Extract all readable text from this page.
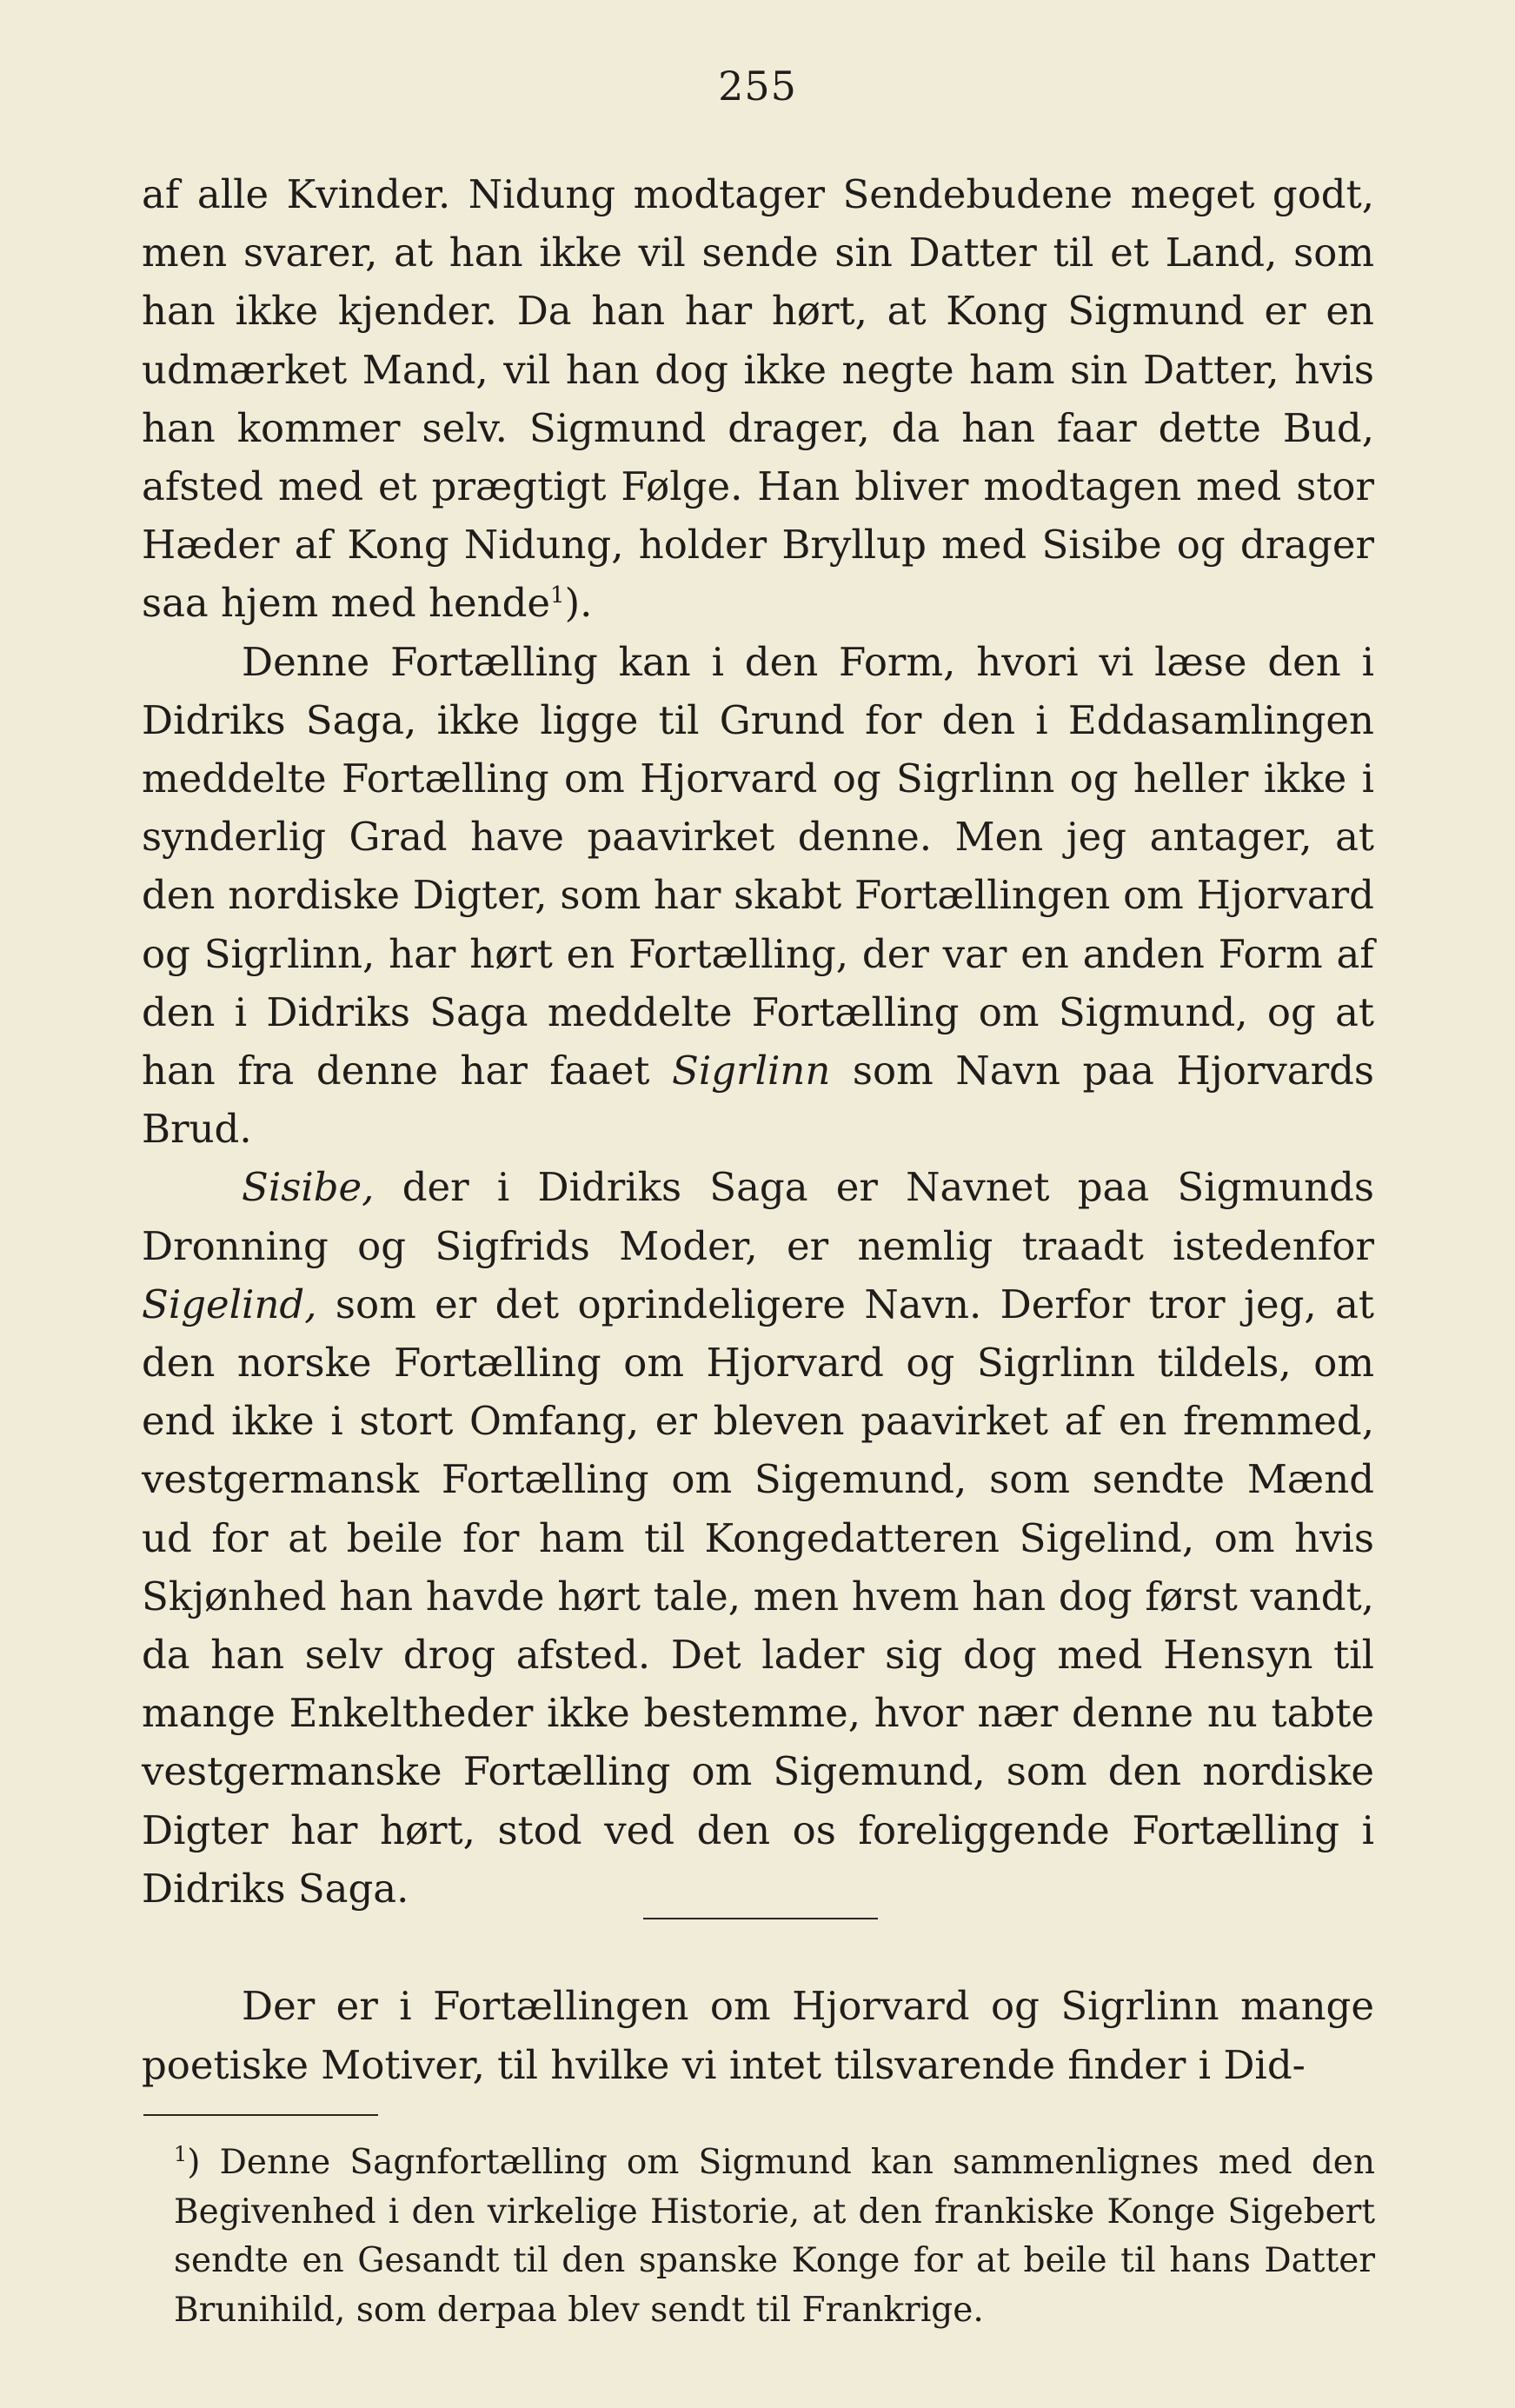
255

af alle Kvinder. Nidung modtager Sendebudene meget godt, men svarer, at han ikke vil sende sin Datter til et Land, som han ikke kjender. Da han har hørt, at Kong Sigmund er en udmærket Mand, vil han dog ikke negte ham sin Datter, hvis han kommer selv. Sigmund drager, da han faar dette Bud, afsted med et prægtigt Følge. Han bliver modtagen med stor Hæder af Kong Nidung, holder Bryllup med Sisibe og drager saa hjem med hende$^1$).

Denne Fortælling kan i den Form, hvori vi læse den i Didriks Saga, ikke ligge til Grund for den i Eddasamlingen meddelte Fortælling om Hjorvard og Sigrlinn og heller ikke i synderlig Grad have paavirket denne. Men jeg antager, at den nordiske Digter, som har skabt Fortællingen om Hjorvard og Sigrlinn, har hørt en Fortælling, der var en anden Form af den i Didriks Saga meddelte Fortælling om Sigmund, og at han fra denne har faaet Sigrlinn som Navn paa Hjorvards Brud.

Sisibe, der i Didriks Saga er Navnet paa Sigmunds Dronning og Sigfrids Moder, er nemlig traadt istedenfor Sigelind, som er det oprindeligere Navn. Derfor tror jeg, at den norske Fortælling om Hjorvard og Sigrlinn tildels, om end ikke i stort Omfang, er bleven paavirket af en fremmed, vestgermansk Fortælling om Sigemund, som sendte Mænd ud for at beile for ham til Kongedatteren Sigelind, om hvis Skjønhed han havde hørt tale, men hvem han dog først vandt, da han selv drog afsted. Det lader sig dog med Hensyn til mange Enkeltheder ikke bestemme, hvor nær denne nu tabte vestgermanske Fortælling om Sigemund, som den nordiske Digter har hørt, stod ved den os foreliggende Fortælling i Didriks Saga.

Der er i Fortællingen om Hjorvard og Sigrlinn mange poetiske Motiver, til hvilke vi intet tilsvarende finder i Did-

$^1$) Denne Sagnfortælling om Sigmund kan sammenlignes med den Begivenhed i den virkelige Historie, at den frankiske Konge Sigebert sendte en Gesandt til den spanske Konge for at beile til hans Datter Brunihild, som derpaa blev sendt til Frankrige.
